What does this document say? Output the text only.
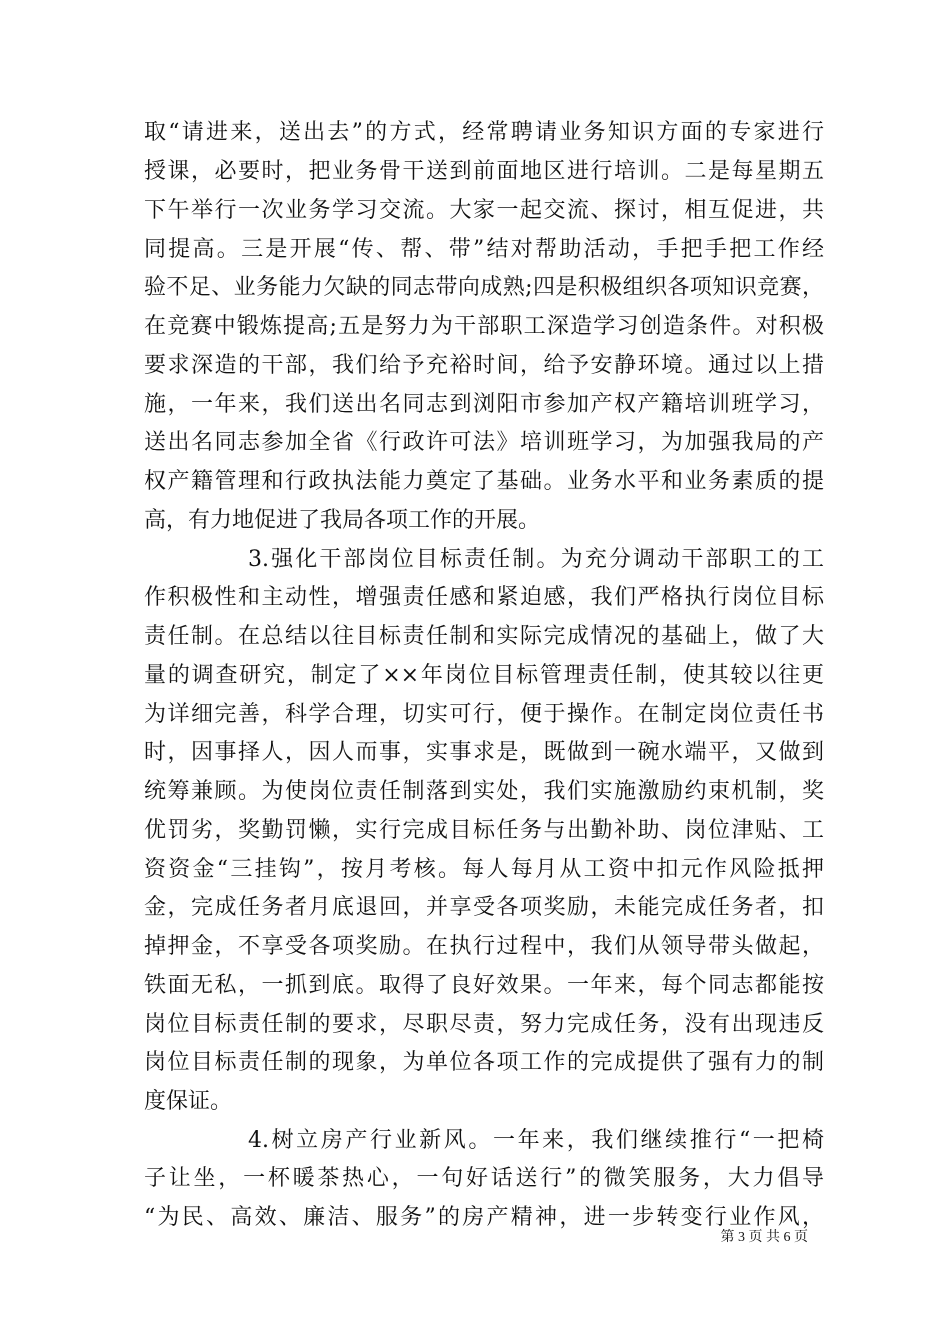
取“请进来，送出去”的方式，经常聘请业务知识方面的专家进行
授课，必要时，把业务骨干送到前面地区进行培训。二是每星期五
下午举行一次业务学习交流。大家一起交流、探讨，相互促进，共
同提高。三是开展“传、帮、带”结对帮助活动，手把手把工作经
验不足、业务能力欠缺的同志带向成熟;四是积极组织各项知识竞赛，
在竞赛中锻炼提高;五是努力为干部职工深造学习创造条件。对积极
要求深造的干部，我们给予充裕时间，给予安静环境。通过以上措
施，一年来，我们送出名同志到浏阳市参加产权产籍培训班学习，
送出名同志参加全省《行政许可法》培训班学习，为加强我局的产
权产籍管理和行政执法能力奠定了基础。业务水平和业务素质的提
高，有力地促进了我局各项工作的开展。
3.强化干部岗位目标责任制。为充分调动干部职工的工
作积极性和主动性，增强责任感和紧迫感，我们严格执行岗位目标
责任制。在总结以往目标责任制和实际完成情况的基础上，做了大
量的调查研究，制定了××年岗位目标管理责任制，使其较以往更
为详细完善，科学合理，切实可行，便于操作。在制定岗位责任书
时，因事择人，因人而事，实事求是，既做到一碗水端平，又做到
统筹兼顾。为使岗位责任制落到实处，我们实施激励约束机制，奖
优罚劣，奖勤罚懒，实行完成目标任务与出勤补助、岗位津贴、工
资资金“三挂钩”，按月考核。每人每月从工资中扣元作风险抵押
金，完成任务者月底退回，并享受各项奖励，未能完成任务者，扣
掉押金，不享受各项奖励。在执行过程中，我们从领导带头做起，
铁面无私，一抓到底。取得了良好效果。一年来，每个同志都能按
岗位目标责任制的要求，尽职尽责，努力完成任务，没有出现违反
岗位目标责任制的现象，为单位各项工作的完成提供了强有力的制
度保证。
4.树立房产行业新风。一年来，我们继续推行“一把椅
子让坐，一杯暖茶热心，一句好话送行”的微笑服务，大力倡导
“为民、高效、廉洁、服务”的房产精神，进一步转变行业作风，
第 3 页 共 6 页
